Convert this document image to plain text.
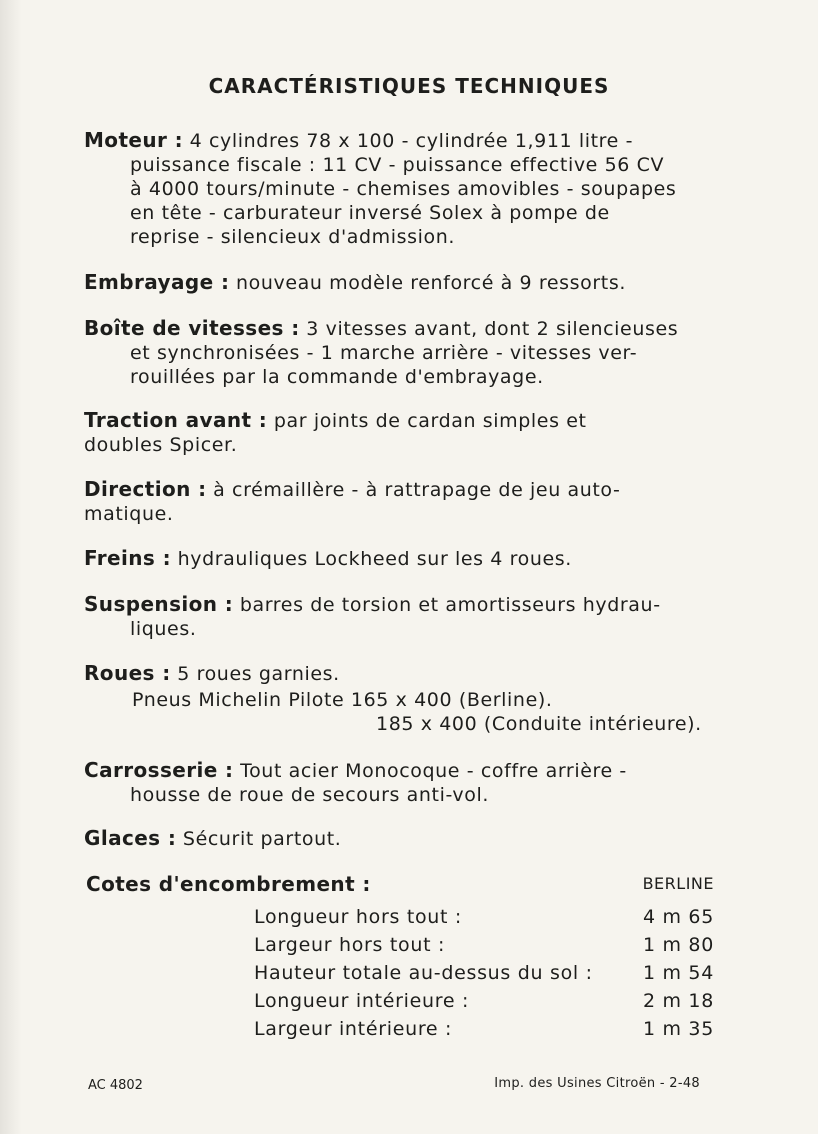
CARACTÉRISTIQUES TECHNIQUES
Moteur : 4 cylindres 78 x 100 - cylindrée 1,911 litre -
puissance fiscale : 11 CV - puissance effective 56 CV
à 4000 tours/minute - chemises amovibles - soupapes
en tête - carburateur inversé Solex à pompe de
reprise - silencieux d'admission.
Embrayage : nouveau modèle renforcé à 9 ressorts.
Boîte de vitesses : 3 vitesses avant, dont 2 silencieuses
et synchronisées - 1 marche arrière - vitesses ver-
rouillées par la commande d'embrayage.
Traction avant : par joints de cardan simples et
doubles Spicer.
Direction : à crémaillère - à rattrapage de jeu auto-
matique.
Freins : hydrauliques Lockheed sur les 4 roues.
Suspension : barres de torsion et amortisseurs hydrau-
liques.
Roues : 5 roues garnies.
Pneus Michelin Pilote 165 x 400 (Berline).
185 x 400 (Conduite intérieure).
Carrosserie : Tout acier Monocoque - coffre arrière -
housse de roue de secours anti-vol.
Glaces : Sécurit partout.
Cotes d'encombrement :	BERLINE
Longueur hors tout :	4 m 65
Largeur hors tout :	1 m 80
Hauteur totale au-dessus du sol :	1 m 54
Longueur intérieure :	2 m 18
Largeur intérieure :	1 m 35
AC 4802	Imp. des Usines Citroën - 2-48
